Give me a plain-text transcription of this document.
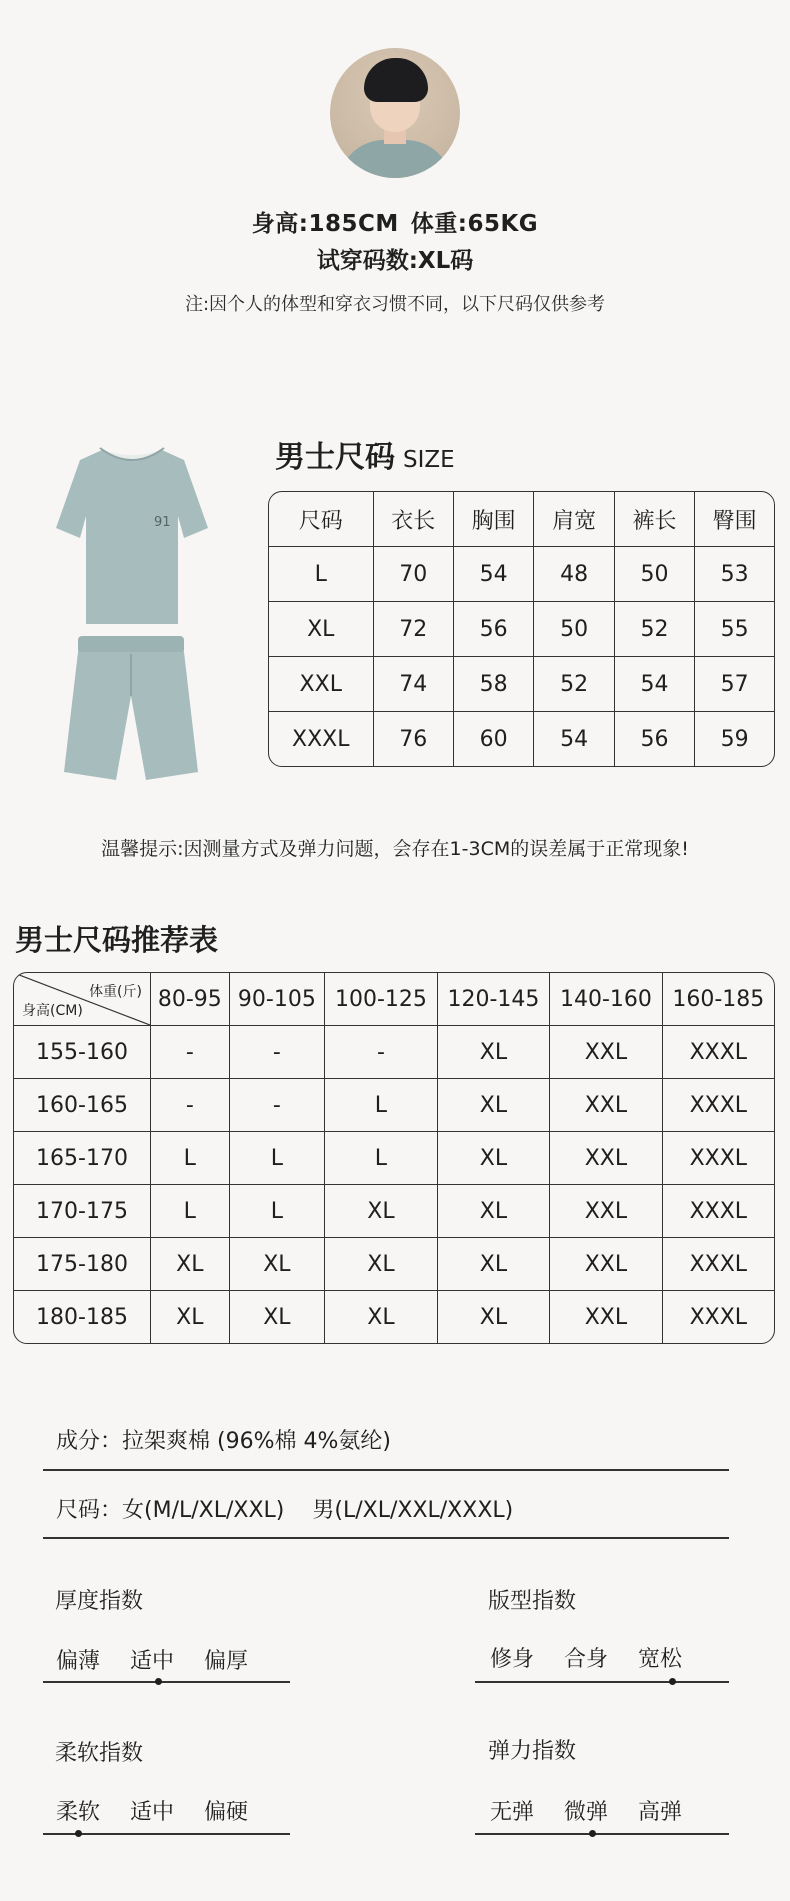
身高:185CM 体重:65KG
试穿码数:XL码
注:因个人的体型和穿衣习惯不同，以下尺码仅供参考
91
男士尺码 SIZE
尺码	衣长	胸围	肩宽	裤长	臀围
L	70	54	48	50	53
XL	72	56	50	52	55
XXL	74	58	52	54	57
XXXL	76	60	54	56	59
温馨提示:因测量方式及弹力问题，会存在1-3CM的误差属于正常现象!
男士尺码推荐表
体重(斤)
身高(CM)	80-95	90-105	100-125	120-145	140-160	160-185
155-160	-	-	-	XL	XXL	XXXL
160-165	-	-	L	XL	XXL	XXXL
165-170	L	L	L	XL	XXL	XXXL
170-175	L	L	XL	XL	XXL	XXXL
175-180	XL	XL	XL	XL	XXL	XXXL
180-185	XL	XL	XL	XL	XXL	XXXL
成分：拉架爽棉 (96%棉 4%氨纶)
尺码：女(M/L/XL/XXL) 男(L/XL/XXL/XXXL)
厚度指数
偏薄 适中 偏厚
版型指数
修身 合身 宽松
柔软指数
柔软 适中 偏硬
弹力指数
无弹 微弹 高弹
